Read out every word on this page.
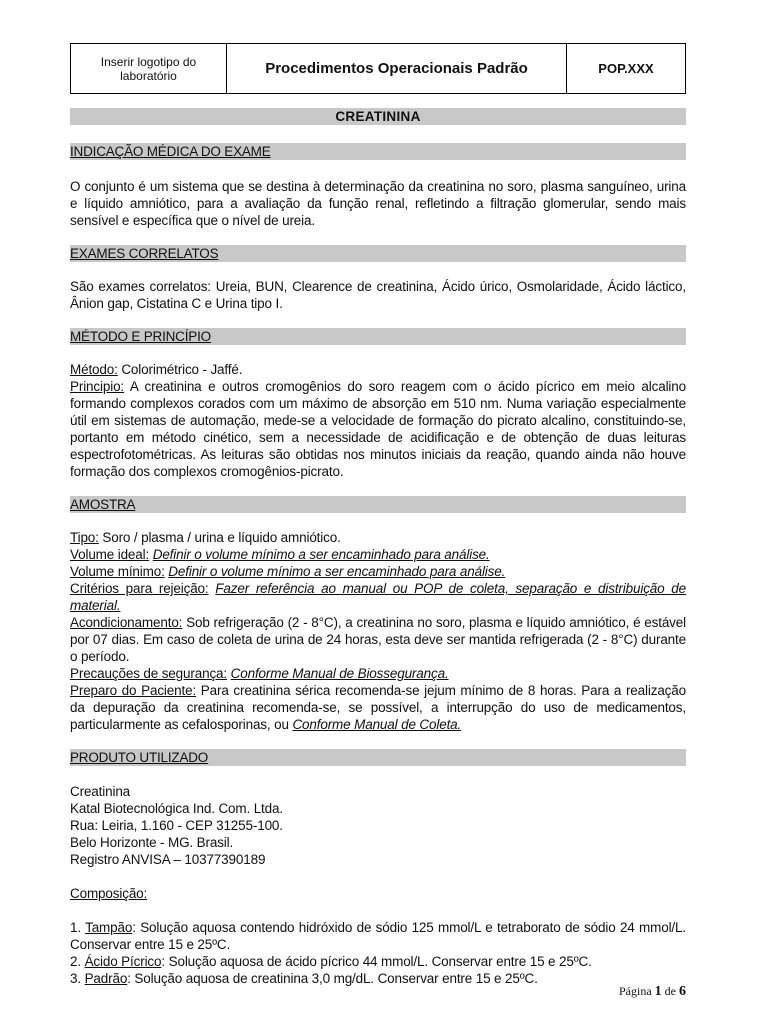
Inserir logotipo do laboratório	Procedimentos Operacionais Padrão	POP.XXX
CREATININA
INDICAÇÃO MÉDICA DO EXAME
O conjunto é um sistema que se destina à determinação da creatinina no soro, plasma sanguíneo, urina e líquido amniótico, para a avaliação da função renal, refletindo a filtração glomerular, sendo mais sensível e específica que o nível de ureia.
EXAMES CORRELATOS
São exames correlatos: Ureia, BUN, Clearence de creatinina, Ácido úrico, Osmolaridade, Ácido láctico, Ânion gap, Cistatina C e Urina tipo I.
MÉTODO E PRINCÍPIO
Método: Colorimétrico - Jaffé.
Principio: A creatinina e outros cromogênios do soro reagem com o ácido pícrico em meio alcalino formando complexos corados com um máximo de absorção em 510 nm. Numa variação especialmente útil em sistemas de automação, mede-se a velocidade de formação do picrato alcalino, constituindo-se, portanto em método cinético, sem a necessidade de acidificação e de obtenção de duas leituras espectrofotométricas. As leituras são obtidas nos minutos iniciais da reação, quando ainda não houve formação dos complexos cromogênios-picrato.
AMOSTRA
Tipo: Soro / plasma / urina e líquido amniótico.
Volume ideal: Definir o volume mínimo a ser encaminhado para análise.
Volume mínimo: Definir o volume mínimo a ser encaminhado para análise.
Critérios para rejeição: Fazer referência ao manual ou POP de coleta, separação e distribuição de material.
Acondicionamento: Sob refrigeração (2 - 8°C), a creatinina no soro, plasma e líquido amniótico, é estável por 07 dias. Em caso de coleta de urina de 24 horas, esta deve ser mantida refrigerada (2 - 8°C) durante o período.
Precauções de segurança: Conforme Manual de Biossegurança.
Preparo do Paciente: Para creatinina sérica recomenda-se jejum mínimo de 8 horas. Para a realização da depuração da creatinina recomenda-se, se possível, a interrupção do uso de medicamentos, particularmente as cefalosporinas, ou Conforme Manual de Coleta.
PRODUTO UTILIZADO
Creatinina
Katal Biotecnológica Ind. Com. Ltda.
Rua: Leiria, 1.160 - CEP 31255-100.
Belo Horizonte - MG. Brasil.
Registro ANVISA – 10377390189
Composição:
1. Tampão: Solução aquosa contendo hidróxido de sódio 125 mmol/L e tetraborato de sódio 24 mmol/L. Conservar entre 15 e 25ºC.
2. Ácido Pícrico: Solução aquosa de ácido pícrico 44 mmol/L. Conservar entre 15 e 25ºC.
3. Padrão: Solução aquosa de creatinina 3,0 mg/dL. Conservar entre 15 e 25ºC.
Página 1 de 6
